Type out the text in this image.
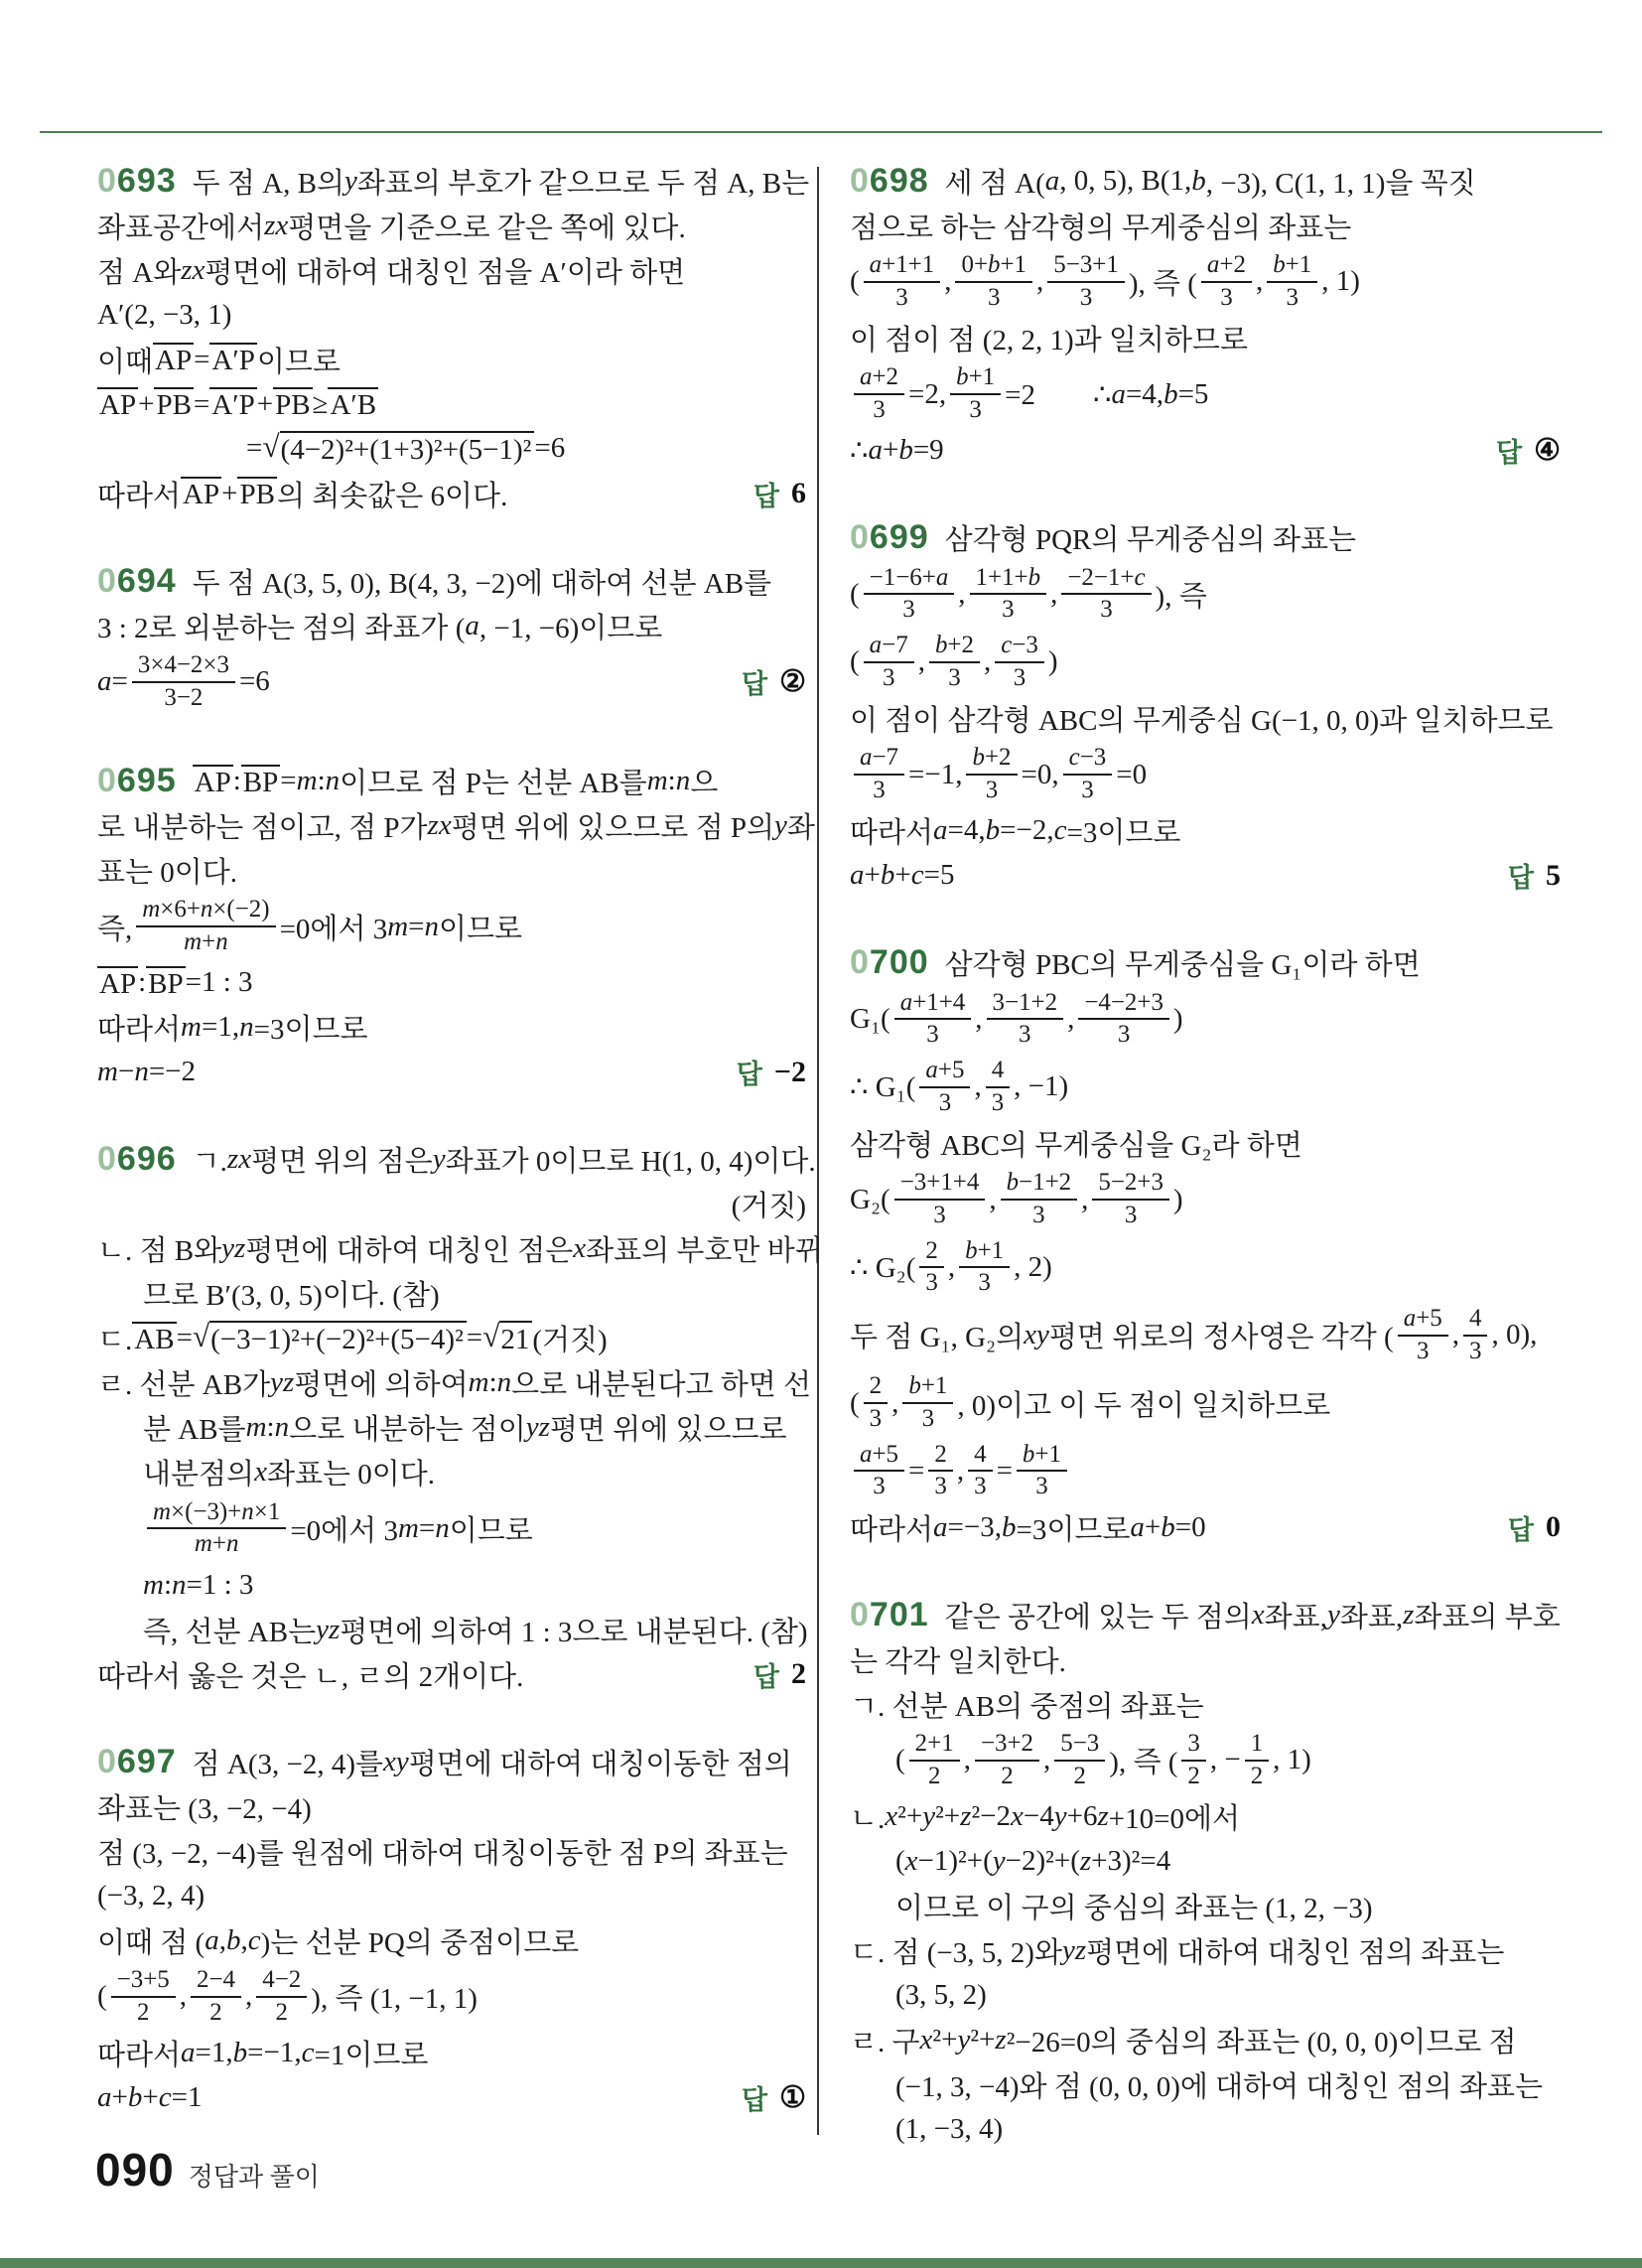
0693 두 점 A, B의 y 좌표의 부호가 같으므로 두 점 A, B는
좌표공간에서 zx 평면을 기준으로 같은 쪽에 있다.
점 A와 zx 평면에 대하여 대칭인 점을 A′이라 하면
A′(2, −3, 1)
이때 AP = A′P 이므로
AP + PB = A′P + PB ≥ A′B
= √ (4−2)²+(1+3)²+(5−1)² =6
따라서 AP + PB 의 최솟값은 6이다.	답 6
0694 두 점 A(3, 5, 0), B(4, 3, −2)에 대하여 선분 AB를
3 : 2로 외분하는 점의 좌표가 ( a , −1, −6)이므로
$a = \frac{3\times 4-2\times 3}{3-2} =6$	답 ②
0695 AP : BP = m : n 이므로 점 P는 선분 AB를 m : n 으
로 내분하는 점이고, 점 P가 zx 평면 위에 있으므로 점 P의 y 좌
표는 0이다.
즉, $\frac{m\times 6+n\times(-2)}{m+n} =0$에서 3 m = n 이므로
AP : BP =1 : 3
따라서 m =1, n =3이므로
m − n =−2	답 −2
0696 ㄱ. zx 평면 위의 점은 y 좌표가 0이므로 H(1, 0, 4)이다.
(거짓)
ㄴ. 점 B와 yz 평면에 대하여 대칭인 점은 x 좌표의 부호만 바뀌
므로 B′(3, 0, 5)이다. (참)
ㄷ. AB = √ (−3−1)²+(−2)²+(5−4)² = √ 21 (거짓)
ㄹ. 선분 AB가 yz 평면에 의하여 m : n 으로 내분된다고 하면 선
분 AB를 m : n 으로 내분하는 점이 yz 평면 위에 있으므로
내분점의 x 좌표는 0이다.
$\frac{m\times(-3)+n\times 1}{m+n} =0$에서 3 m = n 이므로
m : n =1 : 3
즉, 선분 AB는 yz 평면에 의하여 1 : 3으로 내분된다. (참)
따라서 옳은 것은 ㄴ, ㄹ의 2개이다.	답 2
0697 점 A(3, −2, 4)를 xy 평면에 대하여 대칭이동한 점의
좌표는 (3, −2, −4)
점 (3, −2, −4)를 원점에 대하여 대칭이동한 점 P의 좌표는
(−3, 2, 4)
이때 점 ( a , b , c )는 선분 PQ의 중점이므로
( $\frac{-3+5}{2}$ , $\frac{2-4}{2}$ , $\frac{4-2}{2}$ ), 즉 (1, −1, 1)
따라서 a =1, b =−1, c =1이므로
a + b + c =1	답 ①
0698 세 점 A( a , 0, 5), B(1, b , −3), C(1, 1, 1)을 꼭짓
점으로 하는 삼각형의 무게중심의 좌표는
( $\frac{a+1+1}{3}$ , $\frac{0+b+1}{3}$ , $\frac{5-3+1}{3}$ ), 즉 ( $\frac{a+2}{3}$ , $\frac{b+1}{3}$ , 1)
이 점이 점 (2, 2, 1)과 일치하므로
$\frac{a+2}{3} =2$, $\frac{b+1}{3} =2$  ∴ a =4, b =5
∴ a + b =9	답 ④
0699 삼각형 PQR의 무게중심의 좌표는
( $\frac{-1-6+a}{3}$ , $\frac{1+1+b}{3}$ , $\frac{-2-1+c}{3}$ ), 즉
( $\frac{a-7}{3}$ , $\frac{b+2}{3}$ , $\frac{c-3}{3}$ )
이 점이 삼각형 ABC의 무게중심 G(−1, 0, 0)과 일치하므로
$\frac{a-7}{3} =-1$, $\frac{b+2}{3} =0$, $\frac{c-3}{3} =0$
따라서 a =4, b =−2, c =3이므로
a + b + c =5	답 5
0700 삼각형 PBC의 무게중심을 G₁이라 하면
$G_1( \frac{a+1+4}{3}$ , $\frac{3-1+2}{3}$ , $\frac{-4-2+3}{3}$ )
∴ $G_1( \frac{a+5}{3}$ , $\frac{4}{3}$ , −1)
삼각형 ABC의 무게중심을 G₂라 하면
$G_2( \frac{-3+1+4}{3}$ , $\frac{b-1+2}{3}$ , $\frac{5-2+3}{3}$ )
∴ $G_2( \frac{2}{3}$ , $\frac{b+1}{3}$ , 2)
두 점 G₁, G₂의 xy 평면 위로의 정사영은 각각 ( $\frac{a+5}{3}$ , $\frac{4}{3}$ , 0),
( $\frac{2}{3}$ , $\frac{b+1}{3}$ , 0)이고 이 두 점이 일치하므로
$\frac{a+5}{3} = \frac{2}{3}$ , $\frac{4}{3} = \frac{b+1}{3}$
따라서 a =−3, b =3이므로 a + b =0	답 0
0701 같은 공간에 있는 두 점의 x 좌표, y 좌표, z 좌표의 부호
는 각각 일치한다.
ㄱ. 선분 AB의 중점의 좌표는
( $\frac{2+1}{2}$ , $\frac{-3+2}{2}$ , $\frac{5-3}{2}$ ), 즉 ( $\frac{3}{2}$ , − $\frac{1}{2}$ , 1)
ㄴ. x ²+ y ²+ z ²−2 x −4 y +6 z +10=0에서
( x −1)²+( y −2)²+( z +3)²=4
이므로 이 구의 중심의 좌표는 (1, 2, −3)
ㄷ. 점 (−3, 5, 2)와 yz 평면에 대하여 대칭인 점의 좌표는
(3, 5, 2)
ㄹ. 구 x ²+ y ²+ z ²−26=0의 중심의 좌표는 (0, 0, 0)이므로 점
(−1, 3, −4)와 점 (0, 0, 0)에 대하여 대칭인 점의 좌표는
(1, −3, 4)
090 정답과 풀이
